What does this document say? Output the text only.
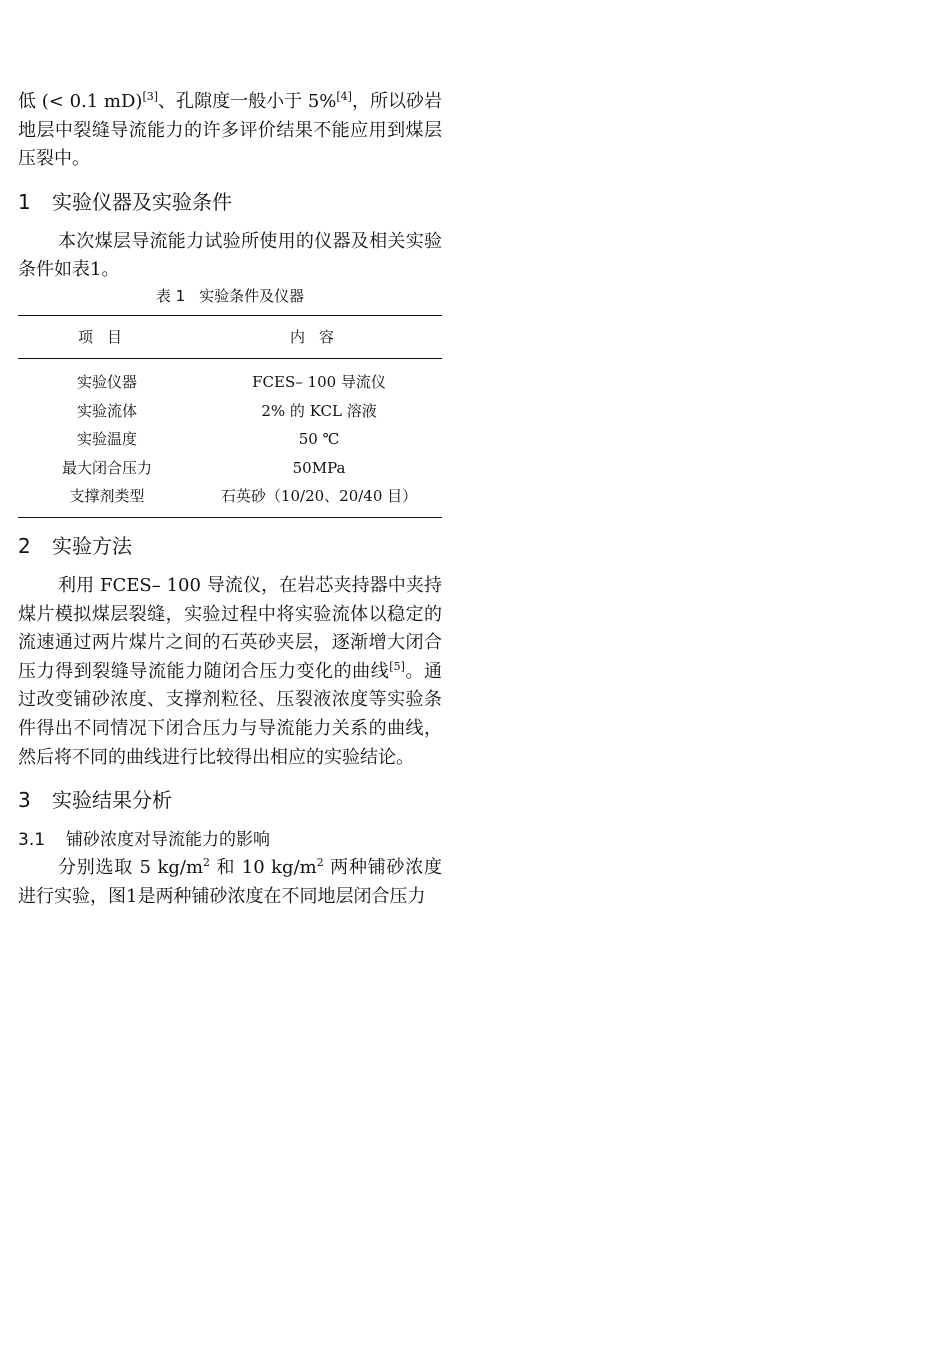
低 (< 0.1 mD)[3]、孔隙度一般小于 5%[4]，所以砂岩地层中裂缝导流能力的许多评价结果不能应用到煤层压裂中。

1 实验仪器及实验条件

本次煤层导流能力试验所使用的仪器及相关实验条件如表1。

表 1 实验条件及仪器
项目	内容
实验仪器	FCES– 100 导流仪
实验流体	2% 的 KCL 溶液
实验温度	50 ℃
最大闭合压力	50MPa
支撑剂类型	石英砂（10/20、20/40 目）
2 实验方法

利用 FCES– 100 导流仪，在岩芯夹持器中夹持煤片模拟煤层裂缝，实验过程中将实验流体以稳定的流速通过两片煤片之间的石英砂夹层，逐渐增大闭合压力得到裂缝导流能力随闭合压力变化的曲线[5]。通过改变铺砂浓度、支撑剂粒径、压裂液浓度等实验条件得出不同情况下闭合压力与导流能力关系的曲线，然后将不同的曲线进行比较得出相应的实验结论。

3 实验结果分析
3.1 铺砂浓度对导流能力的影响

分别选取 5 $kg/m^2$ 和 10 $kg/m^2$ 两种铺砂浓度进行实验，图1是两种铺砂浓度在不同地层闭合压力
